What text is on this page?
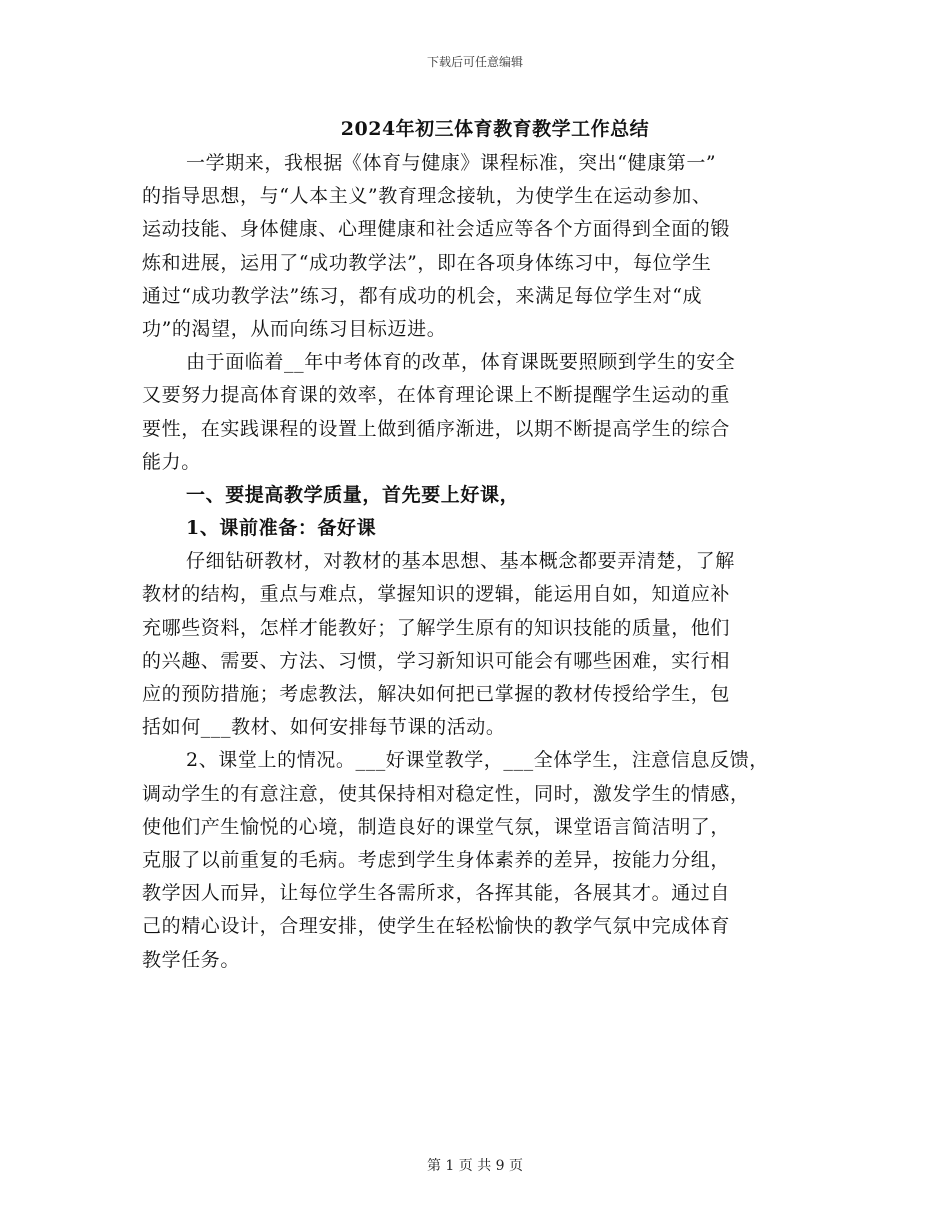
下载后可任意编辑
2024年初三体育教育教学工作总结
一学期来，我根据《体育与健康》课程标准，突出“健康第一”
的指导思想，与“人本主义”教育理念接轨，为使学生在运动参加、
运动技能、身体健康、心理健康和社会适应等各个方面得到全面的锻
炼和进展，运用了“成功教学法”，即在各项身体练习中，每位学生
通过“成功教学法”练习，都有成功的机会，来满足每位学生对“成
功”的渴望，从而向练习目标迈进。
由于面临着__年中考体育的改革，体育课既要照顾到学生的安全
又要努力提高体育课的效率，在体育理论课上不断提醒学生运动的重
要性，在实践课程的设置上做到循序渐进，以期不断提高学生的综合
能力。
一、要提高教学质量，首先要上好课，
1、课前准备：备好课
仔细钻研教材，对教材的基本思想、基本概念都要弄清楚，了解
教材的结构，重点与难点，掌握知识的逻辑，能运用自如，知道应补
充哪些资料，怎样才能教好；了解学生原有的知识技能的质量，他们
的兴趣、需要、方法、习惯，学习新知识可能会有哪些困难，实行相
应的预防措施；考虑教法，解决如何把已掌握的教材传授给学生，包
括如何___教材、如何安排每节课的活动。
2、课堂上的情况。___好课堂教学，___全体学生，注意信息反馈，
调动学生的有意注意，使其保持相对稳定性，同时，激发学生的情感，
使他们产生愉悦的心境，制造良好的课堂气氛，课堂语言简洁明了，
克服了以前重复的毛病。考虑到学生身体素养的差异，按能力分组，
教学因人而异，让每位学生各需所求，各挥其能，各展其才。通过自
己的精心设计，合理安排，使学生在轻松愉快的教学气氛中完成体育
教学任务。
第 1 页 共 9 页
